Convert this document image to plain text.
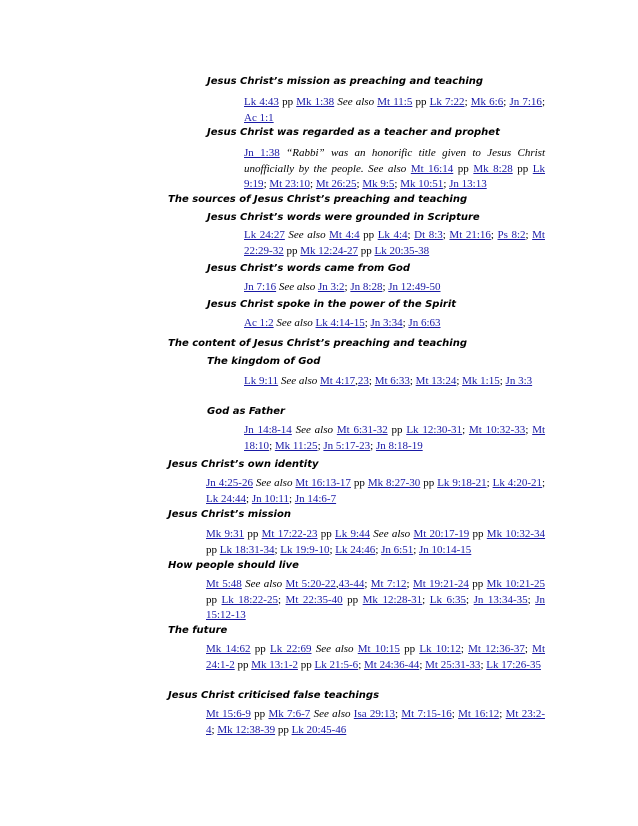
Jesus Christ’s mission as preaching and teaching
Lk 4:43 pp Mk 1:38 See also Mt 11:5 pp Lk 7:22; Mk 6:6; Jn 7:16; Ac 1:1
Jesus Christ was regarded as a teacher and prophet
Jn 1:38 “Rabbi” was an honorific title given to Jesus Christ unofficially by the people. See also Mt 16:14 pp Mk 8:28 pp Lk 9:19; Mt 23:10; Mt 26:25; Mk 9:5; Mk 10:51; Jn 13:13
The sources of Jesus Christ’s preaching and teaching
Jesus Christ’s words were grounded in Scripture
Lk 24:27 See also Mt 4:4 pp Lk 4:4; Dt 8:3; Mt 21:16; Ps 8:2; Mt 22:29-32 pp Mk 12:24-27 pp Lk 20:35-38
Jesus Christ’s words came from God
Jn 7:16 See also Jn 3:2; Jn 8:28; Jn 12:49-50
Jesus Christ spoke in the power of the Spirit
Ac 1:2 See also Lk 4:14-15; Jn 3:34; Jn 6:63
The content of Jesus Christ’s preaching and teaching
The kingdom of God
Lk 9:11 See also Mt 4:17,23; Mt 6:33; Mt 13:24; Mk 1:15; Jn 3:3
God as Father
Jn 14:8-14 See also Mt 6:31-32 pp Lk 12:30-31; Mt 10:32-33; Mt 18:10; Mk 11:25; Jn 5:17-23; Jn 8:18-19
Jesus Christ’s own identity
Jn 4:25-26 See also Mt 16:13-17 pp Mk 8:27-30 pp Lk 9:18-21; Lk 4:20-21; Lk 24:44; Jn 10:11; Jn 14:6-7
Jesus Christ’s mission
Mk 9:31 pp Mt 17:22-23 pp Lk 9:44 See also Mt 20:17-19 pp Mk 10:32-34 pp Lk 18:31-34; Lk 19:9-10; Lk 24:46; Jn 6:51; Jn 10:14-15
How people should live
Mt 5:48 See also Mt 5:20-22,43-44; Mt 7:12; Mt 19:21-24 pp Mk 10:21-25 pp Lk 18:22-25; Mt 22:35-40 pp Mk 12:28-31; Lk 6:35; Jn 13:34-35; Jn 15:12-13
The future
Mk 14:62 pp Lk 22:69 See also Mt 10:15 pp Lk 10:12; Mt 12:36-37; Mt 24:1-2 pp Mk 13:1-2 pp Lk 21:5-6; Mt 24:36-44; Mt 25:31-33; Lk 17:26-35
Jesus Christ criticised false teachings
Mt 15:6-9 pp Mk 7:6-7 See also Isa 29:13; Mt 7:15-16; Mt 16:12; Mt 23:2-4; Mk 12:38-39 pp Lk 20:45-46
